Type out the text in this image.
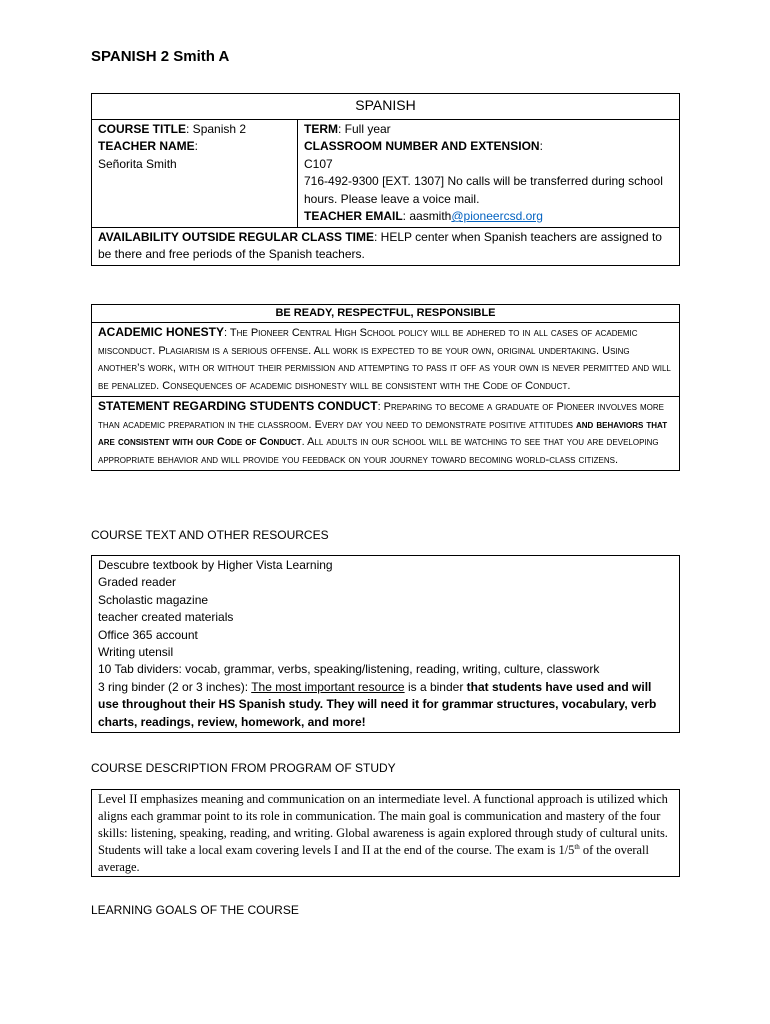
SPANISH 2 Smith A
SPANISH

COURSE TITLE: Spanish 2
TEACHER NAME:
Señorita Smith

TERM: Full year
CLASSROOM NUMBER AND EXTENSION:
C107
716-492-9300 [EXT. 1307] No calls will be transferred during school hours. Please leave a voice mail.
TEACHER EMAIL: aasmith@pioneercsd.org

AVAILABILITY OUTSIDE REGULAR CLASS TIME: HELP center when Spanish teachers are assigned to be there and free periods of the Spanish teachers.
BE READY, RESPECTFUL, RESPONSIBLE
ACADEMIC HONESTY: The Pioneer Central High School policy will be adhered to in all cases of academic misconduct. Plagiarism is a serious offense. All work is expected to be your own, original undertaking. Using another’s work, with or without their permission and attempting to pass it off as your own is never permitted and will be penalized. Consequences of academic dishonesty will be consistent with the Code of Conduct.
STATEMENT REGARDING STUDENTS CONDUCT: Preparing to become a graduate of Pioneer involves more than academic preparation in the classroom. Every day you need to demonstrate positive attitudes and behaviors that are consistent with our Code of Conduct. All adults in our school will be watching to see that you are developing appropriate behavior and will provide you feedback on your journey toward becoming world-class citizens.

COURSE TEXT AND OTHER RESOURCES

Descubre textbook by Higher Vista Learning
Graded reader
Scholastic magazine
teacher created materials
Office 365 account
Writing utensil
10 Tab dividers: vocab, grammar, verbs, speaking/listening, reading, writing, culture, classwork
3 ring binder (2 or 3 inches): The most important resource is a binder that students have used and will use throughout their HS Spanish study. They will need it for grammar structures, vocabulary, verb charts, readings, review, homework, and more!

COURSE DESCRIPTION FROM PROGRAM OF STUDY

Level II emphasizes meaning and communication on an intermediate level. A functional approach is utilized which aligns each grammar point to its role in communication. The main goal is communication and mastery of the four skills: listening, speaking, reading, and writing. Global awareness is again explored through study of cultural units. Students will take a local exam covering levels I and II at the end of the course. The exam is 1/5th of the overall average.

LEARNING GOALS OF THE COURSE
